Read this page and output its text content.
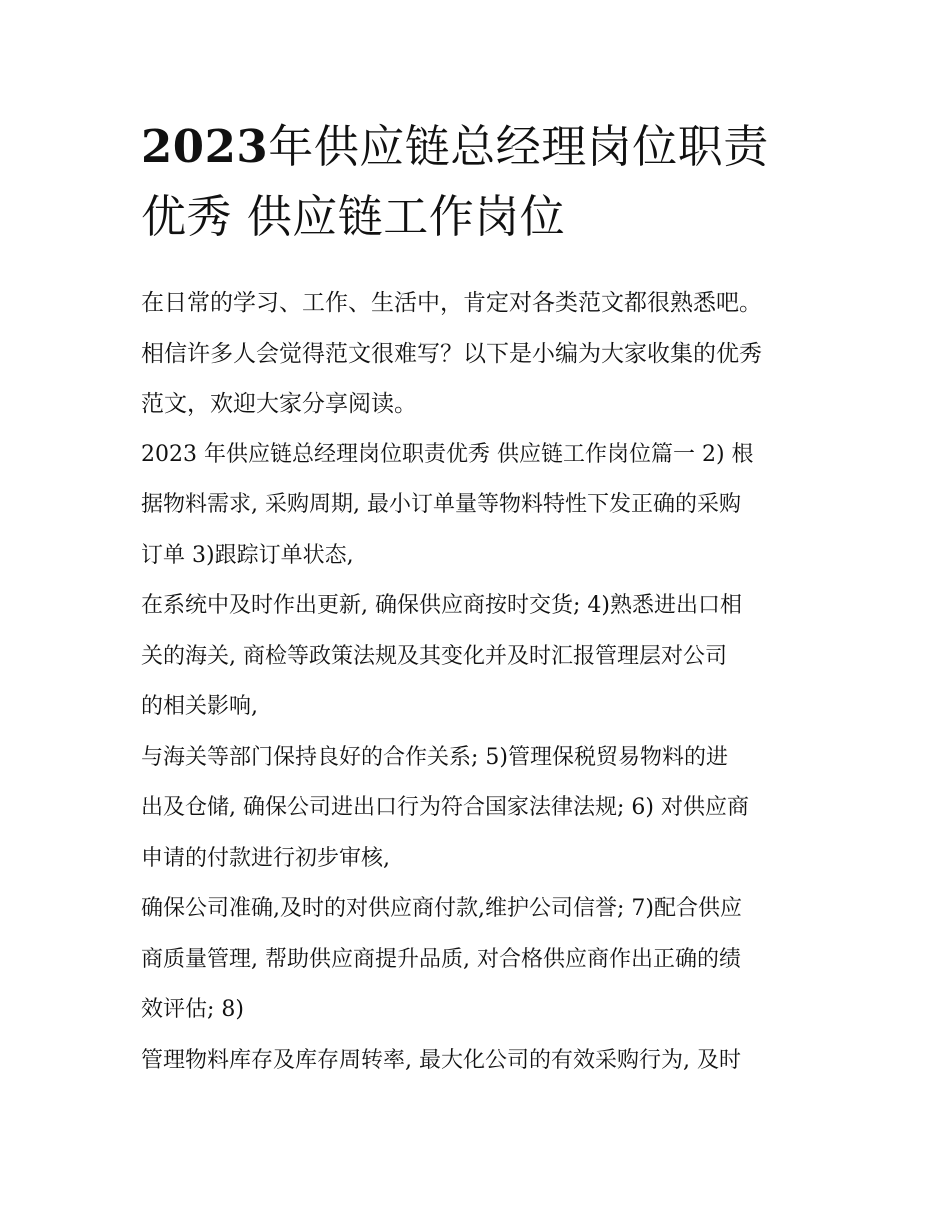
2023年供应链总经理岗位职责
优秀 供应链工作岗位

在日常的学习、工作、生活中，肯定对各类范文都很熟悉吧。
相信许多人会觉得范文很难写？以下是小编为大家收集的优秀
范文，欢迎大家分享阅读。

2023 年供应链总经理岗位职责优秀 供应链工作岗位篇一 2) 根
据物料需求, 采购周期, 最小订单量等物料特性下发正确的采购
订单 3)跟踪订单状态,

在系统中及时作出更新, 确保供应商按时交货; 4)熟悉进出口相
关的海关, 商检等政策法规及其变化并及时汇报管理层对公司
的相关影响,

与海关等部门保持良好的合作关系; 5)管理保税贸易物料的进
出及仓储, 确保公司进出口行为符合国家法律法规; 6) 对供应商
申请的付款进行初步审核,

确保公司准确,及时的对供应商付款,维护公司信誉; 7)配合供应
商质量管理, 帮助供应商提升品质, 对合格供应商作出正确的绩
效评估; 8)

管理物料库存及库存周转率, 最大化公司的有效采购行为, 及时
